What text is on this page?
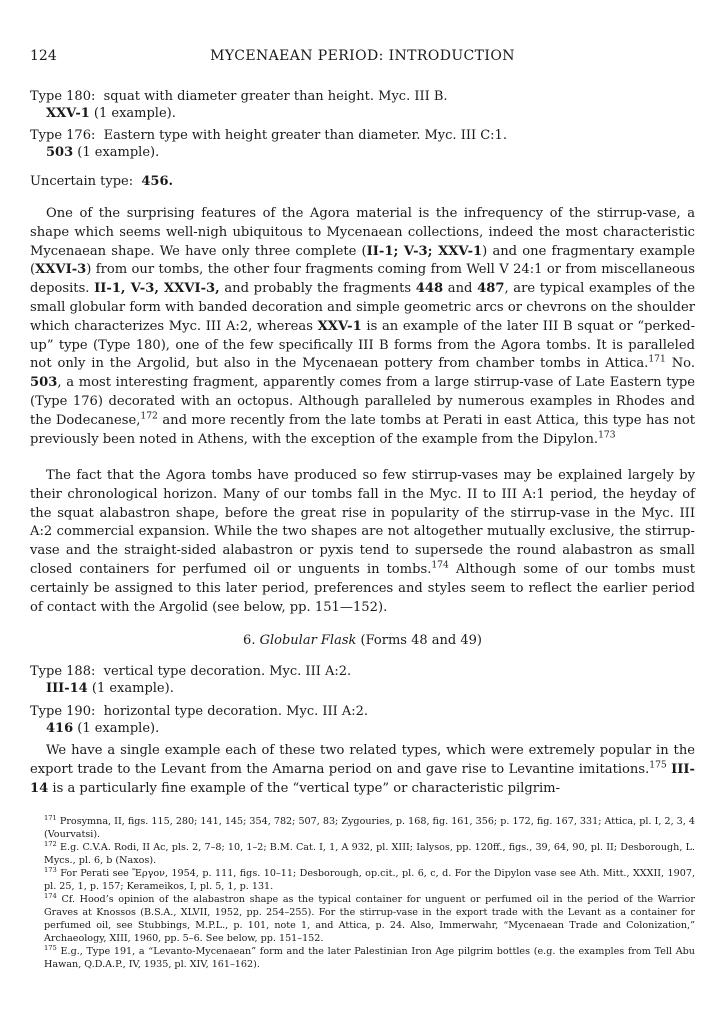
124	MYCENAEAN PERIOD: INTRODUCTION
Type 180: squat with diameter greater than height. Myc. III B.
XXV-1 (1 example).
Type 176: Eastern type with height greater than diameter. Myc. III C:1.
503 (1 example).
Uncertain type: 456.
One of the surprising features of the Agora material is the infrequency of the stirrup-vase, a shape which seems well-nigh ubiquitous to Mycenaean collections, indeed the most characteristic Mycenaean shape. We have only three complete (II-1; V-3; XXV-1) and one fragmentary example (XXVI-3) from our tombs, the other four fragments coming from Well V 24:1 or from miscellaneous deposits. II-1, V-3, XXVI-3, and probably the fragments 448 and 487, are typical examples of the small globular form with banded decoration and simple geometric arcs or chevrons on the shoulder which characterizes Myc. III A:2, whereas XXV-1 is an example of the later III B squat or “perked-up” type (Type 180), one of the few specifically III B forms from the Agora tombs. It is paralleled not only in the Argolid, but also in the Mycenaean pottery from chamber tombs in Attica.$^{171}$ No. 503, a most interesting fragment, apparently comes from a large stirrup-vase of Late Eastern type (Type 176) decorated with an octopus. Although paralleled by numerous examples in Rhodes and the Dodecanese,$^{172}$ and more recently from the late tombs at Perati in east Attica, this type has not previously been noted in Athens, with the exception of the example from the Dipylon.$^{173}$
The fact that the Agora tombs have produced so few stirrup-vases may be explained largely by their chronological horizon. Many of our tombs fall in the Myc. II to III A:1 period, the heyday of the squat alabastron shape, before the great rise in popularity of the stirrup-vase in the Myc. III A:2 commercial expansion. While the two shapes are not altogether mutually exclusive, the stirrup-vase and the straight-sided alabastron or pyxis tend to supersede the round alabastron as small closed containers for perfumed oil or unguents in tombs.$^{174}$ Although some of our tombs must certainly be assigned to this later period, preferences and styles seem to reflect the earlier period of contact with the Argolid (see below, pp. 151—152).
6. Globular Flask (Forms 48 and 49)
Type 188: vertical type decoration. Myc. III A:2.
III-14 (1 example).
Type 190: horizontal type decoration. Myc. III A:2.
416 (1 example).
We have a single example each of these two related types, which were extremely popular in the export trade to the Levant from the Amarna period on and gave rise to Levantine imitations.$^{175}$ III-14 is a particularly fine example of the “vertical type” or characteristic pilgrim-

$^{171}$ Prosymna, II, figs. 115, 280; 141, 145; 354, 782; 507, 83; Zygouries, p. 168, fig. 161, 356; p. 172, fig. 167, 331; Attica, pl. I, 2, 3, 4 (Vourvatsi).

$^{172}$ E.g. C.V.A. Rodi, II Ac, pls. 2, 7–8; 10, 1–2; B.M. Cat. I, 1, A 932, pl. XIII; Ialysos, pp. 120ff., figs., 39, 64, 90, pl. II; Desborough, L. Mycs., pl. 6, b (Naxos).

$^{173}$ For Perati see Ἔργον, 1954, p. 111, figs. 10–11; Desborough, op.cit., pl. 6, c, d. For the Dipylon vase see Ath. Mitt., XXXII, 1907, pl. 25, 1, p. 157; Kerameikos, I, pl. 5, 1, p. 131.

$^{174}$ Cf. Hood’s opinion of the alabastron shape as the typical container for unguent or perfumed oil in the period of the Warrior Graves at Knossos (B.S.A., XLVII, 1952, pp. 254–255). For the stirrup-vase in the export trade with the Levant as a container for perfumed oil, see Stubbings, M.P.L., p. 101, note 1, and Attica, p. 24. Also, Immerwahr, “Mycenaean Trade and Colonization,” Archaeology, XIII, 1960, pp. 5–6. See below, pp. 151–152.

$^{175}$ E.g., Type 191, a “Levanto-Mycenaean” form and the later Palestinian Iron Age pilgrim bottles (e.g. the examples from Tell Abu Hawan, Q.D.A.P., IV, 1935, pl. XIV, 161–162).
